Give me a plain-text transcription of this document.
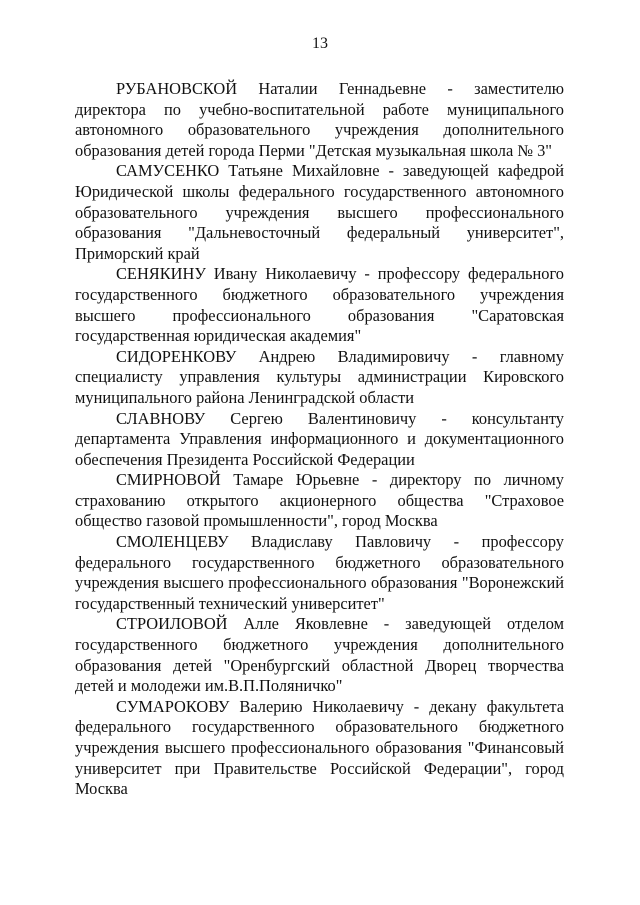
13

РУБАНОВСКОЙ Наталии Геннадьевне - заместителю директора по учебно-воспитательной работе муниципального автономного образовательного учреждения дополнительного образования детей города Перми "Детская музыкальная школа № 3"

САМУСЕНКО Татьяне Михайловне - заведующей кафедрой Юридической школы федерального государственного автономного образовательного учреждения высшего профессионального образования "Дальневосточный федеральный университет", Приморский край

СЕНЯКИНУ Ивану Николаевичу - профессору федерального государственного бюджетного образовательного учреждения высшего профессионального образования "Саратовская государственная юридическая академия"

СИДОРЕНКОВУ Андрею Владимировичу - главному специалисту управления культуры администрации Кировского муниципального района Ленинградской области

СЛАВНОВУ Сергею Валентиновичу - консультанту департамента Управления информационного и документационного обеспечения Президента Российской Федерации

СМИРНОВОЙ Тамаре Юрьевне - директору по личному страхованию открытого акционерного общества "Страховое общество газовой промышленности", город Москва

СМОЛЕНЦЕВУ Владиславу Павловичу - профессору федерального государственного бюджетного образовательного учреждения высшего профессионального образования "Воронежский государственный технический университет"

СТРОИЛОВОЙ Алле Яковлевне - заведующей отделом государственного бюджетного учреждения дополнительного образования детей "Оренбургский областной Дворец творчества детей и молодежи им.В.П.Поляничко"

СУМАРОКОВУ Валерию Николаевичу - декану факультета федерального государственного образовательного бюджетного учреждения высшего профессионального образования "Финансовый университет при Правительстве Российской Федерации", город Москва
